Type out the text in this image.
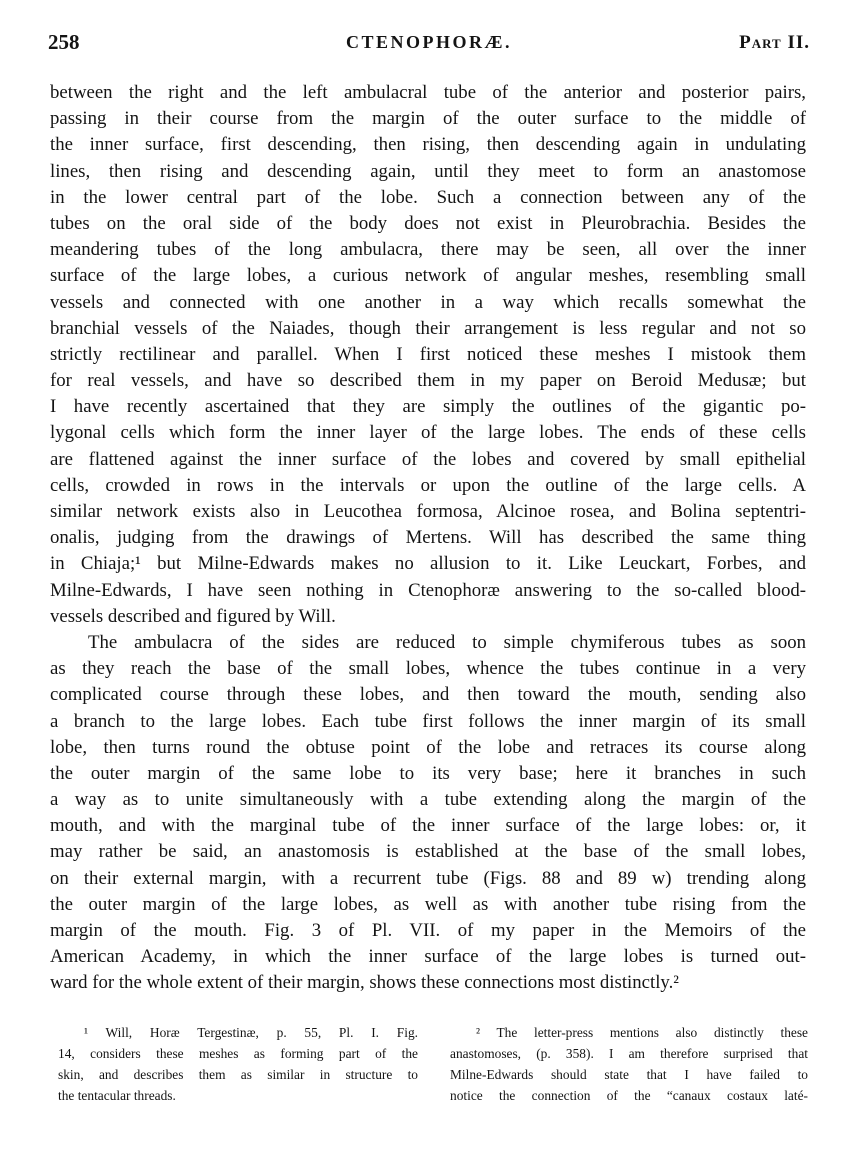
258	CTENOPHORÆ.	Part II.
between the right and the left ambulacral tube of the anterior and posterior pairs,
passing in their course from the margin of the outer surface to the middle of
the inner surface, first descending, then rising, then descending again in undulating
lines, then rising and descending again, until they meet to form an anastomose
in the lower central part of the lobe. Such a connection between any of the
tubes on the oral side of the body does not exist in Pleurobrachia. Besides the
meandering tubes of the long ambulacra, there may be seen, all over the inner
surface of the large lobes, a curious network of angular meshes, resembling small
vessels and connected with one another in a way which recalls somewhat the
branchial vessels of the Naiades, though their arrangement is less regular and not so
strictly rectilinear and parallel. When I first noticed these meshes I mistook them
for real vessels, and have so described them in my paper on Beroid Medusæ; but
I have recently ascertained that they are simply the outlines of the gigantic po-
lygonal cells which form the inner layer of the large lobes. The ends of these cells
are flattened against the inner surface of the lobes and covered by small epithelial
cells, crowded in rows in the intervals or upon the outline of the large cells. A
similar network exists also in Leucothea formosa, Alcinoe rosea, and Bolina septentri-
onalis, judging from the drawings of Mertens. Will has described the same thing
in Chiaja;¹ but Milne-Edwards makes no allusion to it. Like Leuckart, Forbes, and
Milne-Edwards, I have seen nothing in Ctenophoræ answering to the so-called blood-
vessels described and figured by Will.
The ambulacra of the sides are reduced to simple chymiferous tubes as soon
as they reach the base of the small lobes, whence the tubes continue in a very
complicated course through these lobes, and then toward the mouth, sending also
a branch to the large lobes. Each tube first follows the inner margin of its small
lobe, then turns round the obtuse point of the lobe and retraces its course along
the outer margin of the same lobe to its very base; here it branches in such
a way as to unite simultaneously with a tube extending along the margin of the
mouth, and with the marginal tube of the inner surface of the large lobes: or, it
may rather be said, an anastomosis is established at the base of the small lobes,
on their external margin, with a recurrent tube (Figs. 88 and 89 w) trending along
the outer margin of the large lobes, as well as with another tube rising from the
margin of the mouth. Fig. 3 of Pl. VII. of my paper in the Memoirs of the
American Academy, in which the inner surface of the large lobes is turned out-
ward for the whole extent of their margin, shows these connections most distinctly.²
¹ Will, Horæ Tergestinæ, p. 55, Pl. I. Fig.
14, considers these meshes as forming part of the
skin, and describes them as similar in structure to
the tentacular threads.
² The letter-press mentions also distinctly these
anastomoses, (p. 358). I am therefore surprised that
Milne-Edwards should state that I have failed to
notice the connection of the “canaux costaux laté-
